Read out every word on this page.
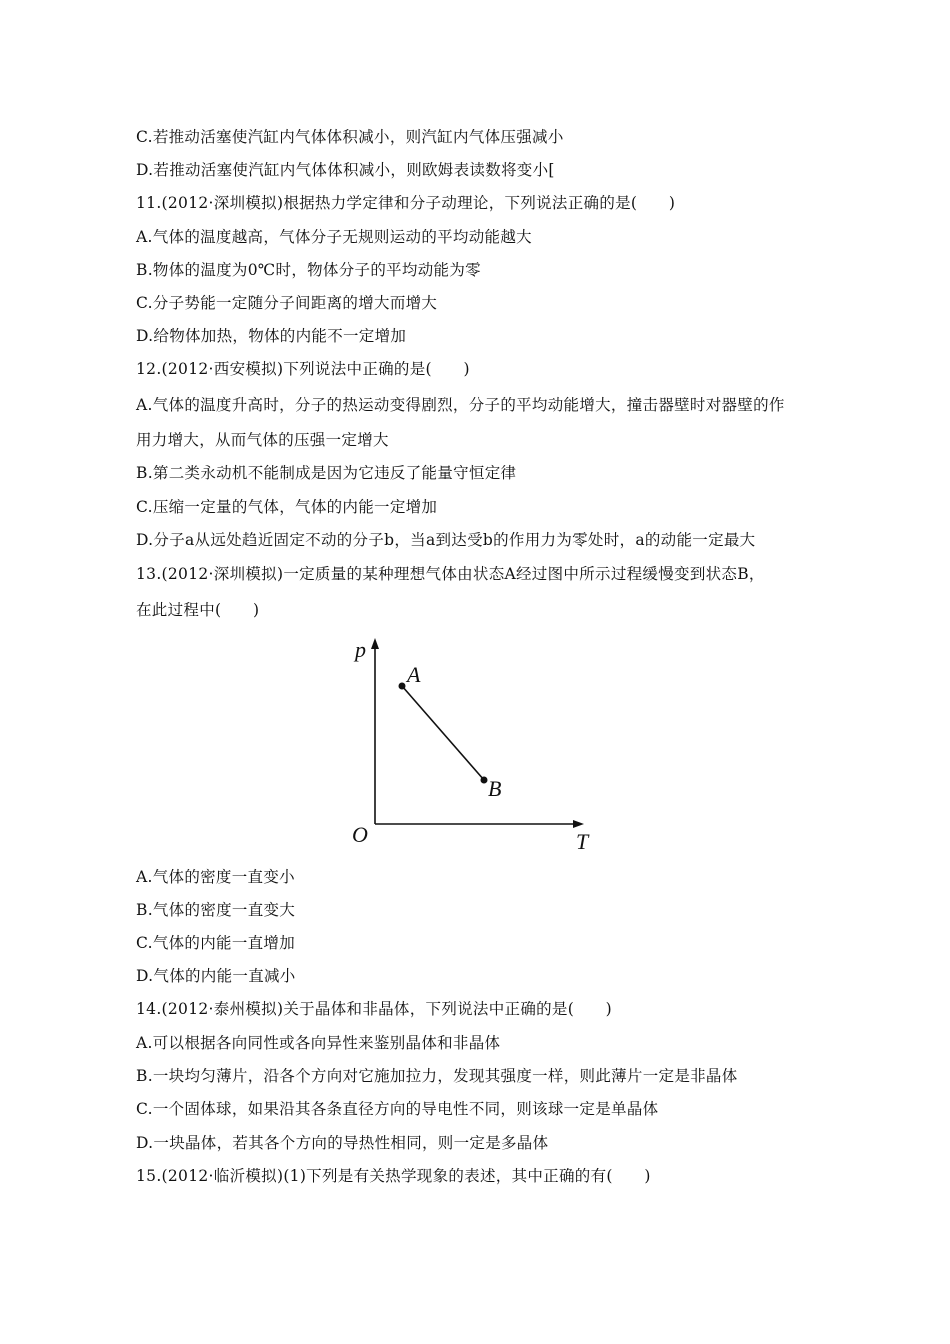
C.若推动活塞使汽缸内气体体积减小，则汽缸内气体压强减小
D.若推动活塞使汽缸内气体体积减小，则欧姆表读数将变小[
11.(2012·深圳模拟)根据热力学定律和分子动理论，下列说法正确的是(　　)
A.气体的温度越高，气体分子无规则运动的平均动能越大
B.物体的温度为0℃时，物体分子的平均动能为零
C.分子势能一定随分子间距离的增大而增大
D.给物体加热，物体的内能不一定增加
12.(2012·西安模拟)下列说法中正确的是(　　)
A.气体的温度升高时，分子的热运动变得剧烈，分子的平均动能增大，撞击器壁时对器壁的作
用力增大，从而气体的压强一定增大
B.第二类永动机不能制成是因为它违反了能量守恒定律
C.压缩一定量的气体，气体的内能一定增加
D.分子a从远处趋近固定不动的分子b，当a到达受b的作用力为零处时，a的动能一定最大
13.(2012·深圳模拟)一定质量的某种理想气体由状态A经过图中所示过程缓慢变到状态B，
在此过程中(　　)
p
T
O
A
B
A.气体的密度一直变小
B.气体的密度一直变大
C.气体的内能一直增加
D.气体的内能一直减小
14.(2012·泰州模拟)关于晶体和非晶体，下列说法中正确的是(　　)
A.可以根据各向同性或各向异性来鉴别晶体和非晶体
B.一块均匀薄片，沿各个方向对它施加拉力，发现其强度一样，则此薄片一定是非晶体
C.一个固体球，如果沿其各条直径方向的导电性不同，则该球一定是单晶体
D.一块晶体，若其各个方向的导热性相同，则一定是多晶体
15.(2012·临沂模拟)(1)下列是有关热学现象的表述，其中正确的有(　　)
